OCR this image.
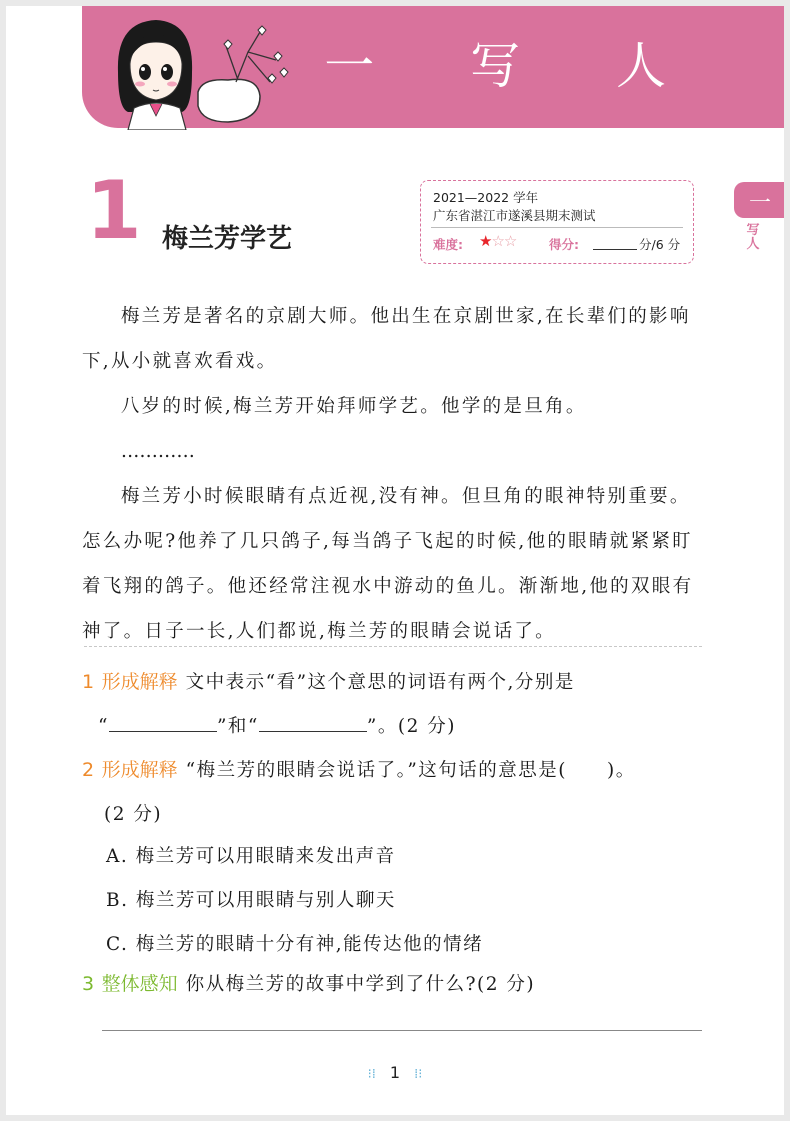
一 写 人
一
写人
1 梅兰芳学艺
2021—2022 学年
广东省湛江市遂溪县期末测试
难度: ★☆☆	得分:	分/6 分

梅兰芳是著名的京剧大师。他出生在京剧世家,在长辈们的影响下,从小就喜欢看戏。

八岁的时候,梅兰芳开始拜师学艺。他学的是旦角。

…………

梅兰芳小时候眼睛有点近视,没有神。但旦角的眼神特别重要。怎么办呢?他养了几只鸽子,每当鸽子飞起的时候,他的眼睛就紧紧盯着飞翔的鸽子。他还经常注视水中游动的鱼儿。渐渐地,他的双眼有神了。日子一长,人们都说,梅兰芳的眼睛会说话了。

1 形成解释 文中表示“看”这个意思的词语有两个,分别是
“	”和“	”。(2 分)
2 形成解释 “梅兰芳的眼睛会说话了。”这句话的意思是(　　)。
(2 分)
A. 梅兰芳可以用眼睛来发出声音
B. 梅兰芳可以用眼睛与别人聊天
C. 梅兰芳的眼睛十分有神,能传达他的情绪
3 整体感知 你从梅兰芳的故事中学到了什么?(2 分)
⁝⁞ 1 ⁞⁝
